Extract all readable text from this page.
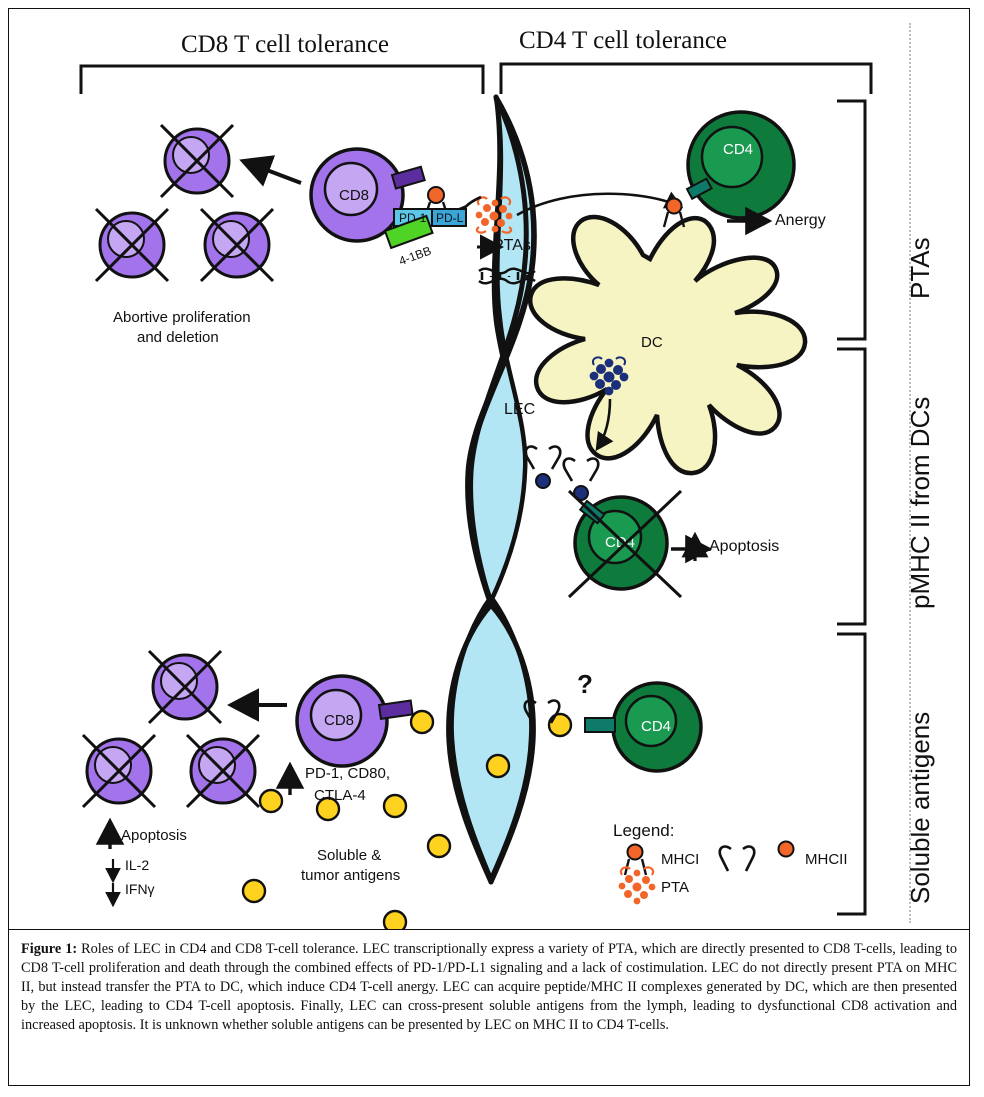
CD8 T cell tolerance	CD4 T cell tolerance
DC
CD4
CD4
CD8
CD8	CD4
PTAs
LEC
PD-1 PD-L
4-1BB
Abortive proliferation
and deletion
Anergy
Apoptosis
PD-1, CD80,
CTLA-4
Apoptosis
IL-2
IFNγ
Soluble &
tumor antigens
?
Legend:
MHCI	MHCII
PTA
PTAs
pMHC II from DCs
Soluble antigens
Figure 1: Roles of LEC in CD4 and CD8 T-cell tolerance. LEC transcriptionally express a variety of PTA, which are directly presented to CD8 T-cells, leading to CD8 T-cell proliferation and death through the combined effects of PD-1/PD-L1 signaling and a lack of costimulation. LEC do not directly present PTA on MHC II, but instead transfer the PTA to DC, which induce CD4 T-cell anergy. LEC can acquire peptide/MHC II complexes generated by DC, which are then presented by the LEC, leading to CD4 T-cell apoptosis. Finally, LEC can cross-present soluble antigens from the lymph, leading to dysfunctional CD8 activation and increased apoptosis. It is unknown whether soluble antigens can be presented by LEC on MHC II to CD4 T-cells.
